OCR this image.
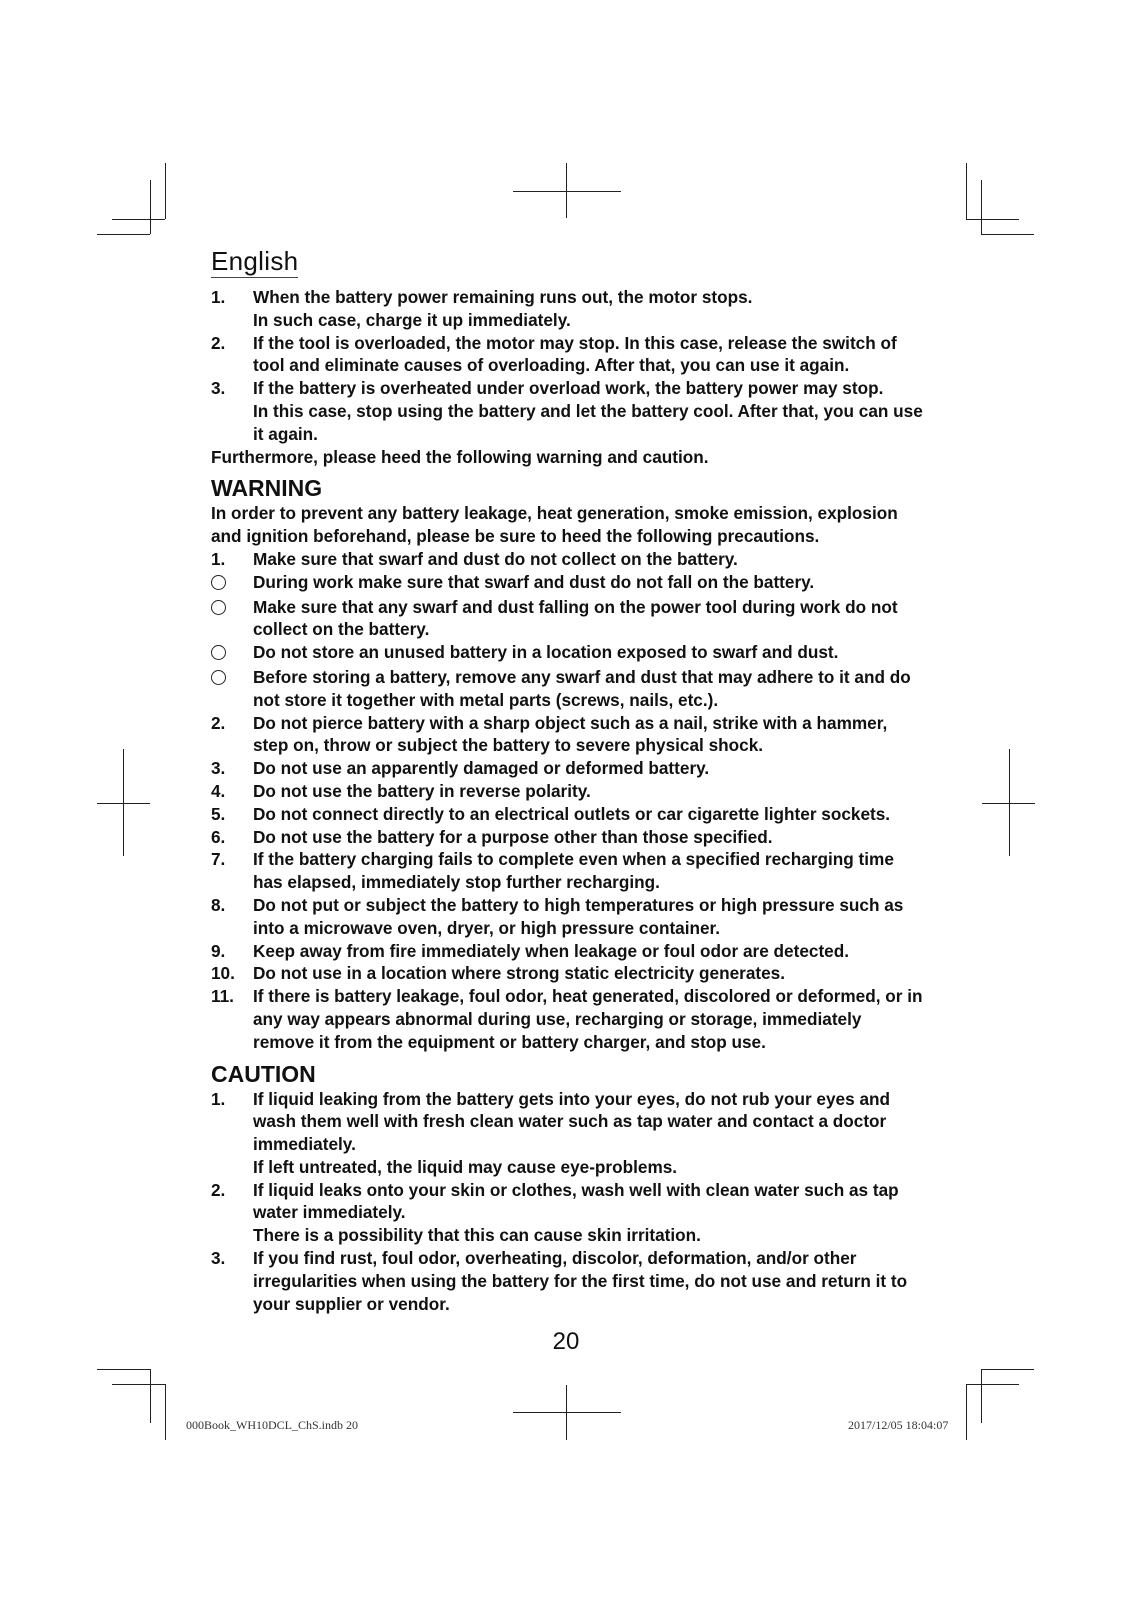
English
1.	When the battery power remaining runs out, the motor stops.
In such case, charge it up immediately.
2.	If the tool is overloaded, the motor may stop. In this case, release the switch of tool and eliminate causes of overloading. After that, you can use it again.
3.	If the battery is overheated under overload work, the battery power may stop.
In this case, stop using the battery and let the battery cool. After that, you can use it again.
Furthermore, please heed the following warning and caution.
WARNING
In order to prevent any battery leakage, heat generation, smoke emission, explosion and ignition beforehand, please be sure to heed the following precautions.
1.	Make sure that swarf and dust do not collect on the battery.
During work make sure that swarf and dust do not fall on the battery.
Make sure that any swarf and dust falling on the power tool during work do not collect on the battery.
Do not store an unused battery in a location exposed to swarf and dust.
Before storing a battery, remove any swarf and dust that may adhere to it and do not store it together with metal parts (screws, nails, etc.).
2.	Do not pierce battery with a sharp object such as a nail, strike with a hammer, step on, throw or subject the battery to severe physical shock.
3.	Do not use an apparently damaged or deformed battery.
4.	Do not use the battery in reverse polarity.
5.	Do not connect directly to an electrical outlets or car cigarette lighter sockets.
6.	Do not use the battery for a purpose other than those specified.
7.	If the battery charging fails to complete even when a specified recharging time has elapsed, immediately stop further recharging.
8.	Do not put or subject the battery to high temperatures or high pressure such as into a microwave oven, dryer, or high pressure container.
9.	Keep away from fire immediately when leakage or foul odor are detected.
10.	Do not use in a location where strong static electricity generates.
11.	If there is battery leakage, foul odor, heat generated, discolored or deformed, or in any way appears abnormal during use, recharging or storage, immediately remove it from the equipment or battery charger, and stop use.
CAUTION
1.	If liquid leaking from the battery gets into your eyes, do not rub your eyes and wash them well with fresh clean water such as tap water and contact a doctor immediately.
If left untreated, the liquid may cause eye-problems.
2.	If liquid leaks onto your skin or clothes, wash well with clean water such as tap water immediately.
There is a possibility that this can cause skin irritation.
3.	If you find rust, foul odor, overheating, discolor, deformation, and/or other irregularities when using the battery for the first time, do not use and return it to your supplier or vendor.
20
000Book_WH10DCL_ChS.indb 20	2017/12/05 18:04:07
